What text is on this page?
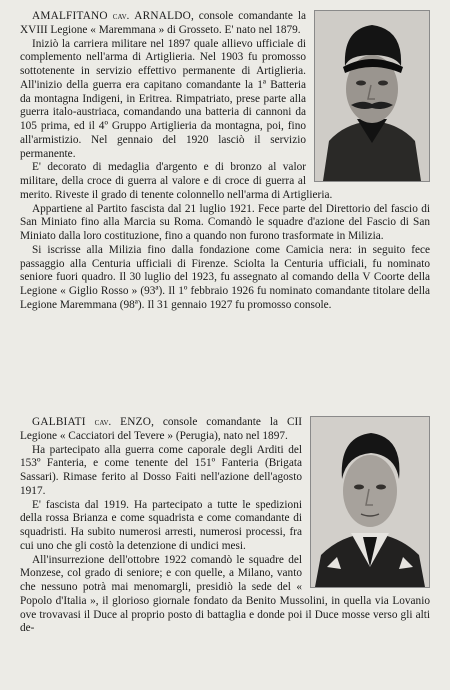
AMALFITANO cav. ARNALDO, console comandante la XVIII Legione « Maremmana » di Grosseto. E' nato nel 1879.

Iniziò la carriera militare nel 1897 quale allievo ufficiale di complemento nell'arma di Artiglieria. Nel 1903 fu promosso sottotenente in servizio effettivo permanente di Artiglieria. All'inizio della guerra era capitano comandante la 1ª Batteria da montagna Indigeni, in Eritrea. Rimpatriato, prese parte alla guerra italo-austriaca, comandando una batteria di cannoni da 105 prima, ed il 4º Gruppo Artiglieria da montagna, poi, fino all'armistizio. Nel gennaio del 1920 lasciò il servizio permanente.

E' decorato di medaglia d'argento e di bronzo al valor militare, della croce di guerra al valore e di croce di guerra al merito. Riveste il grado di tenente colonnello nell'arma di Artiglieria.

Appartiene al Partito fascista dal 21 luglio 1921. Fece parte del Direttorio del fascio di San Miniato fino alla Marcia su Roma. Comandò le squadre d'azione del Fascio di San Miniato dalla loro costituzione, fino a quando non furono trasformate in Milizia.

Si iscrisse alla Milizia fino dalla fondazione come Camicia nera: in seguito fece passaggio alla Centuria ufficiali di Firenze. Sciolta la Centuria ufficiali, fu nominato seniore fuori quadro. Il 30 luglio del 1923, fu assegnato al comando della V Coorte della Legione « Giglio Rosso » (93ª). Il 1º febbraio 1926 fu nominato comandante titolare della Legione Maremmana (98ª). Il 31 gennaio 1927 fu promosso console.

GALBIATI cav. ENZO, console comandante la CII Legione « Cacciatori del Tevere » (Perugia), nato nel 1897.

Ha partecipato alla guerra come caporale degli Arditi del 153º Fanteria, e come tenente del 151º Fanteria (Brigata Sassari). Rimase ferito al Dosso Faiti nell'azione dell'agosto 1917.

E' fascista dal 1919. Ha partecipato a tutte le spedizioni della rossa Brianza e come squadrista e come comandante di squadristi. Ha subito numerosi arresti, numerosi processi, fra cui uno che gli costò la detenzione di undici mesi.

All'insurrezione dell'ottobre 1922 comandò le squadre del Monzese, col grado di seniore; e con quelle, a Milano, vanto che nessuno potrà mai menomargli, presidiò la sede del « Popolo d'Italia », il glorioso giornale fondato da Benito Mussolini, in quella via Lovanio ove trovavasi il Duce al proprio posto di battaglia e donde poi il Duce mosse verso gli alti de-
